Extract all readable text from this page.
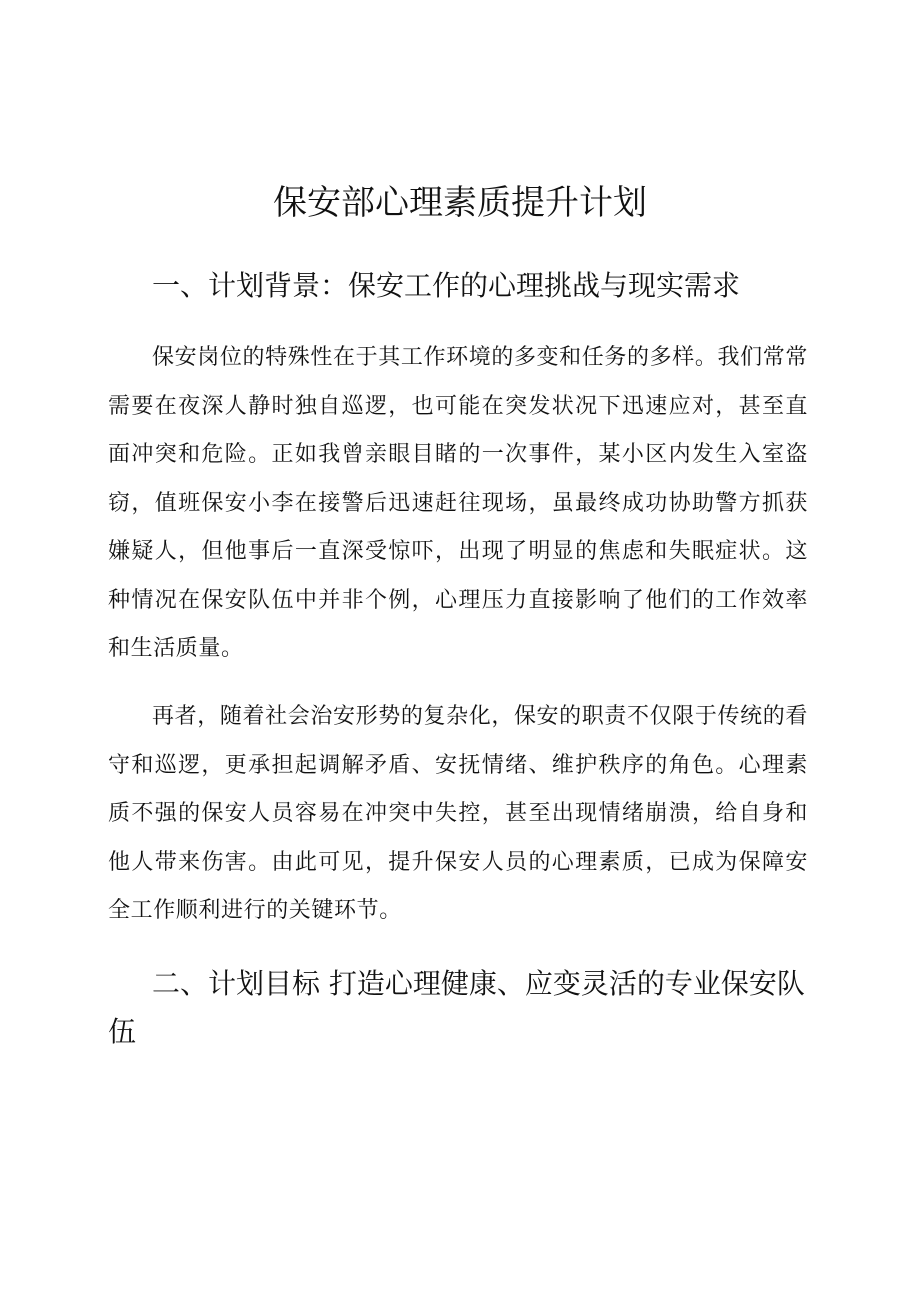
保安部心理素质提升计划
一、计划背景：保安工作的心理挑战与现实需求

保安岗位的特殊性在于其工作环境的多变和任务的多样。我们常常需要在夜深人静时独自巡逻，也可能在突发状况下迅速应对，甚至直面冲突和危险。正如我曾亲眼目睹的一次事件，某小区内发生入室盗窃，值班保安小李在接警后迅速赶往现场，虽最终成功协助警方抓获嫌疑人，但他事后一直深受惊吓，出现了明显的焦虑和失眠症状。这种情况在保安队伍中并非个例，心理压力直接影响了他们的工作效率和生活质量。

再者，随着社会治安形势的复杂化，保安的职责不仅限于传统的看守和巡逻，更承担起调解矛盾、安抚情绪、维护秩序的角色。心理素质不强的保安人员容易在冲突中失控，甚至出现情绪崩溃，给自身和他人带来伤害。由此可见，提升保安人员的心理素质，已成为保障安全工作顺利进行的关键环节。

二、计划目标 打造心理健康、应变灵活的专业保安队伍
